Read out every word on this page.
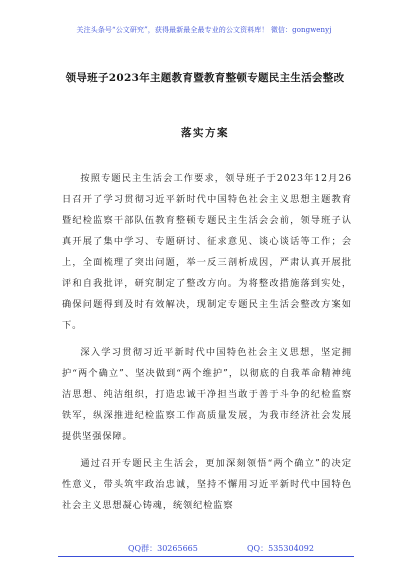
关注头条号“公文研究”，获得最新最全最专业的公文资料库！ 微信：gongwenyj
领导班子2023年主题教育暨教育整顿专题民主生活会整改
落实方案

按照专题民主生活会工作要求，领导班子于2023年12月26日召开了学习贯彻习近平新时代中国特色社会主义思想主题教育暨纪检监察干部队伍教育整顿专题民主生活会会前，领导班子认真开展了集中学习、专题研讨、征求意见、谈心谈话等工作；会上，全面梳理了突出问题，举一反三剖析成因，严肃认真开展批评和自我批评，研究制定了整改方向。为将整改措施落到实处，确保问题得到及时有效解决，现制定专题民主生活会整改方案如下。

深入学习贯彻习近平新时代中国特色社会主义思想，坚定拥护“两个确立”、坚决做到“两个维护”，以彻底的自我革命精神纯洁思想、纯洁组织，打造忠诚干净担当敢于善于斗争的纪检监察铁军，纵深推进纪检监察工作高质量发展，为我市经济社会发展提供坚强保障。

通过召开专题民主生活会，更加深刻领悟“两个确立”的决定性意义，带头筑牢政治忠诚，坚持不懈用习近平新时代中国特色社会主义思想凝心铸魂，统领纪检监察

QQ群：30265665	QQ：535304092
